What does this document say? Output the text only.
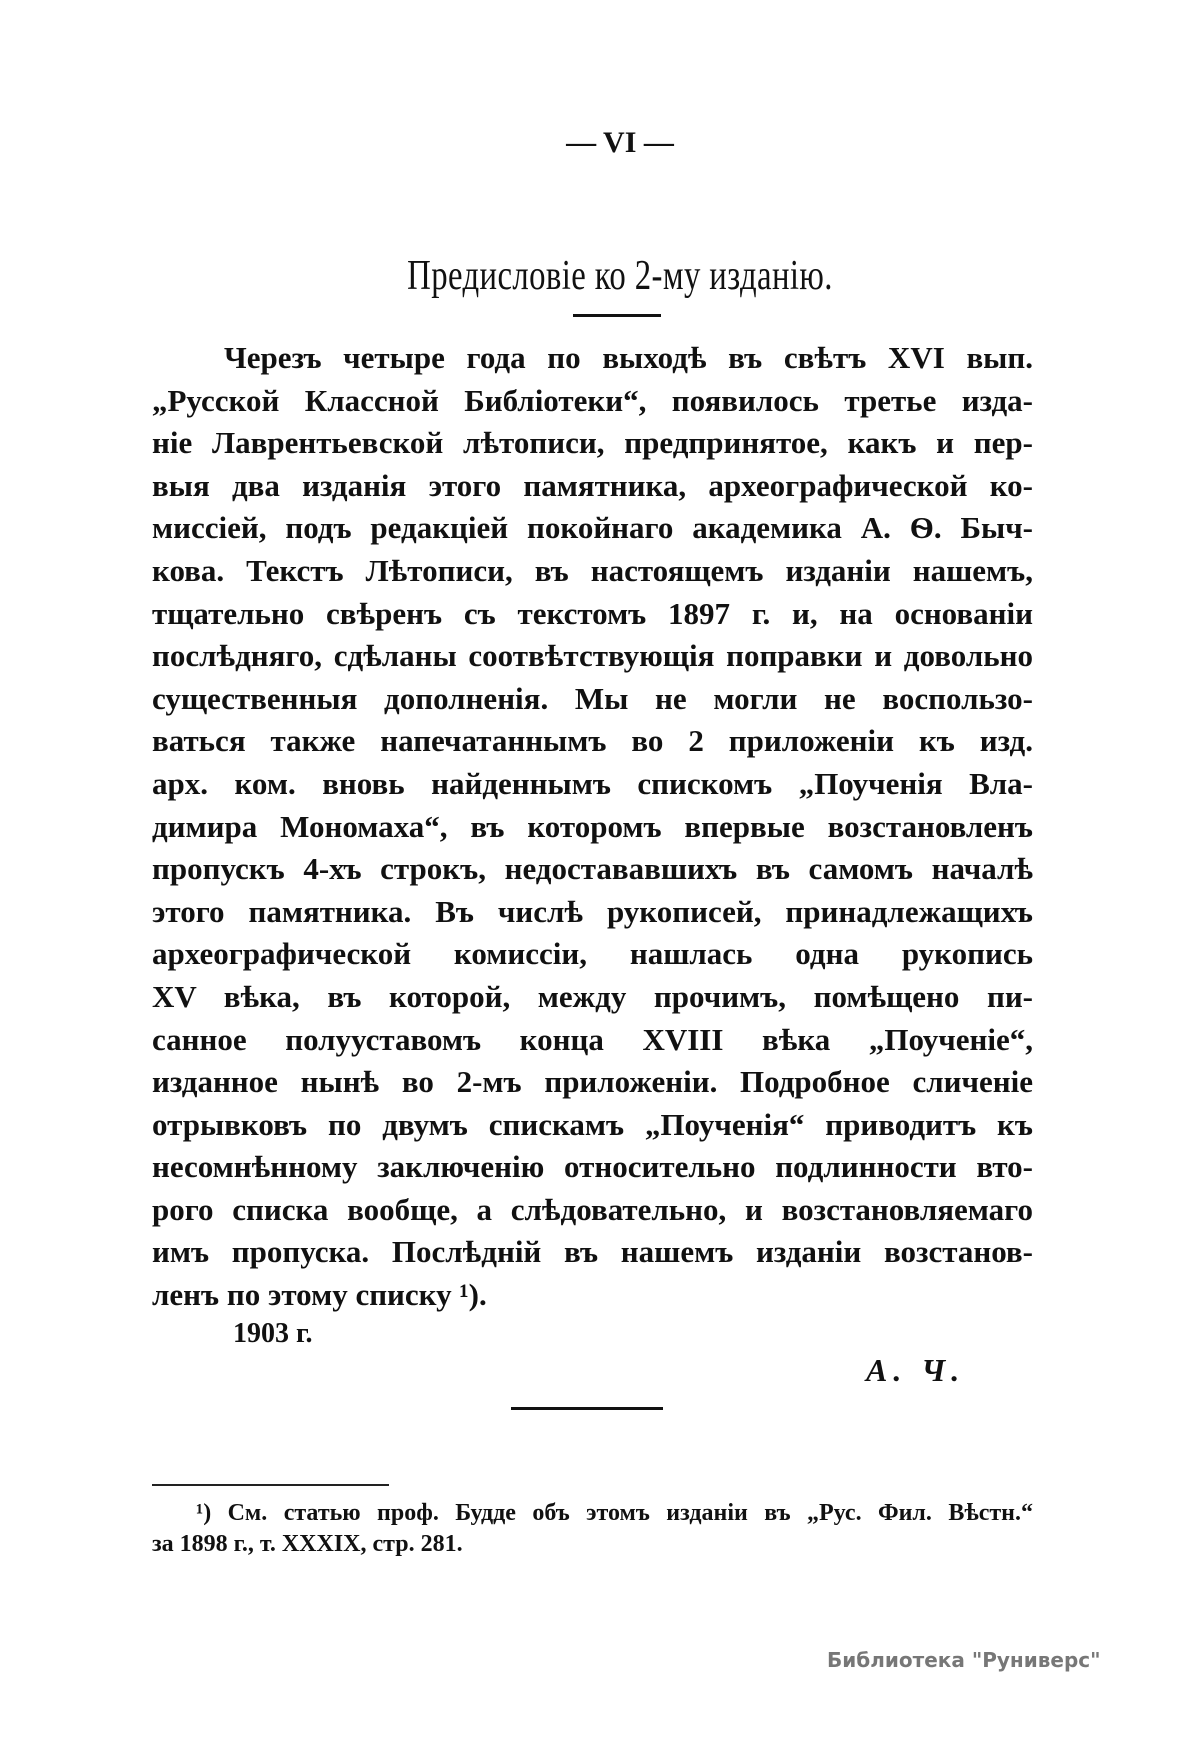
— VI —
Предисловіе ко 2-му изданію.
Черезъ четыре года по выходѣ въ свѣтъ XVI вып.
„Русской Классной Библіотеки“, появилось третье изда-
ніе Лаврентьевской лѣтописи, предпринятое, какъ и пер-
выя два изданія этого памятника, археографической ко-
миссіей, подъ редакціей покойнаго академика А. Ѳ. Быч-
кова. Текстъ Лѣтописи, въ настоящемъ изданіи нашемъ,
тщательно свѣренъ съ текстомъ 1897 г. и, на основаніи
послѣдняго, сдѣланы соотвѣтствующія поправки и довольно
существенныя дополненія. Мы не могли не воспользо-
ваться также напечатаннымъ во 2 приложеніи къ изд.
арх. ком. вновь найденнымъ спискомъ „Поученія Вла-
димира Мономаха“, въ которомъ впервые возстановленъ
пропускъ 4-хъ строкъ, недостававшихъ въ самомъ началѣ
этого памятника. Въ числѣ рукописей, принадлежащихъ
археографической комиссіи, нашлась одна рукопись
XV вѣка, въ которой, между прочимъ, помѣщено пи-
санное полууставомъ конца XVIII вѣка „Поученіе“,
изданное нынѣ во 2-мъ приложеніи. Подробное сличеніе
отрывковъ по двумъ спискамъ „Поученія“ приводитъ къ
несомнѣнному заключенію относительно подлинности вто-
рого списка вообще, а слѣдовательно, и возстановляемаго
имъ пропуска. Послѣдній въ нашемъ изданіи возстанов-
ленъ по этому списку ¹).
1903 г.
А. Ч.
¹) См. статью проф. Будде объ этомъ изданіи въ „Рус. Фил. Вѣстн.“
за 1898 г., т. XXXIX, стр. 281.
Библиотека "Руниверс"
